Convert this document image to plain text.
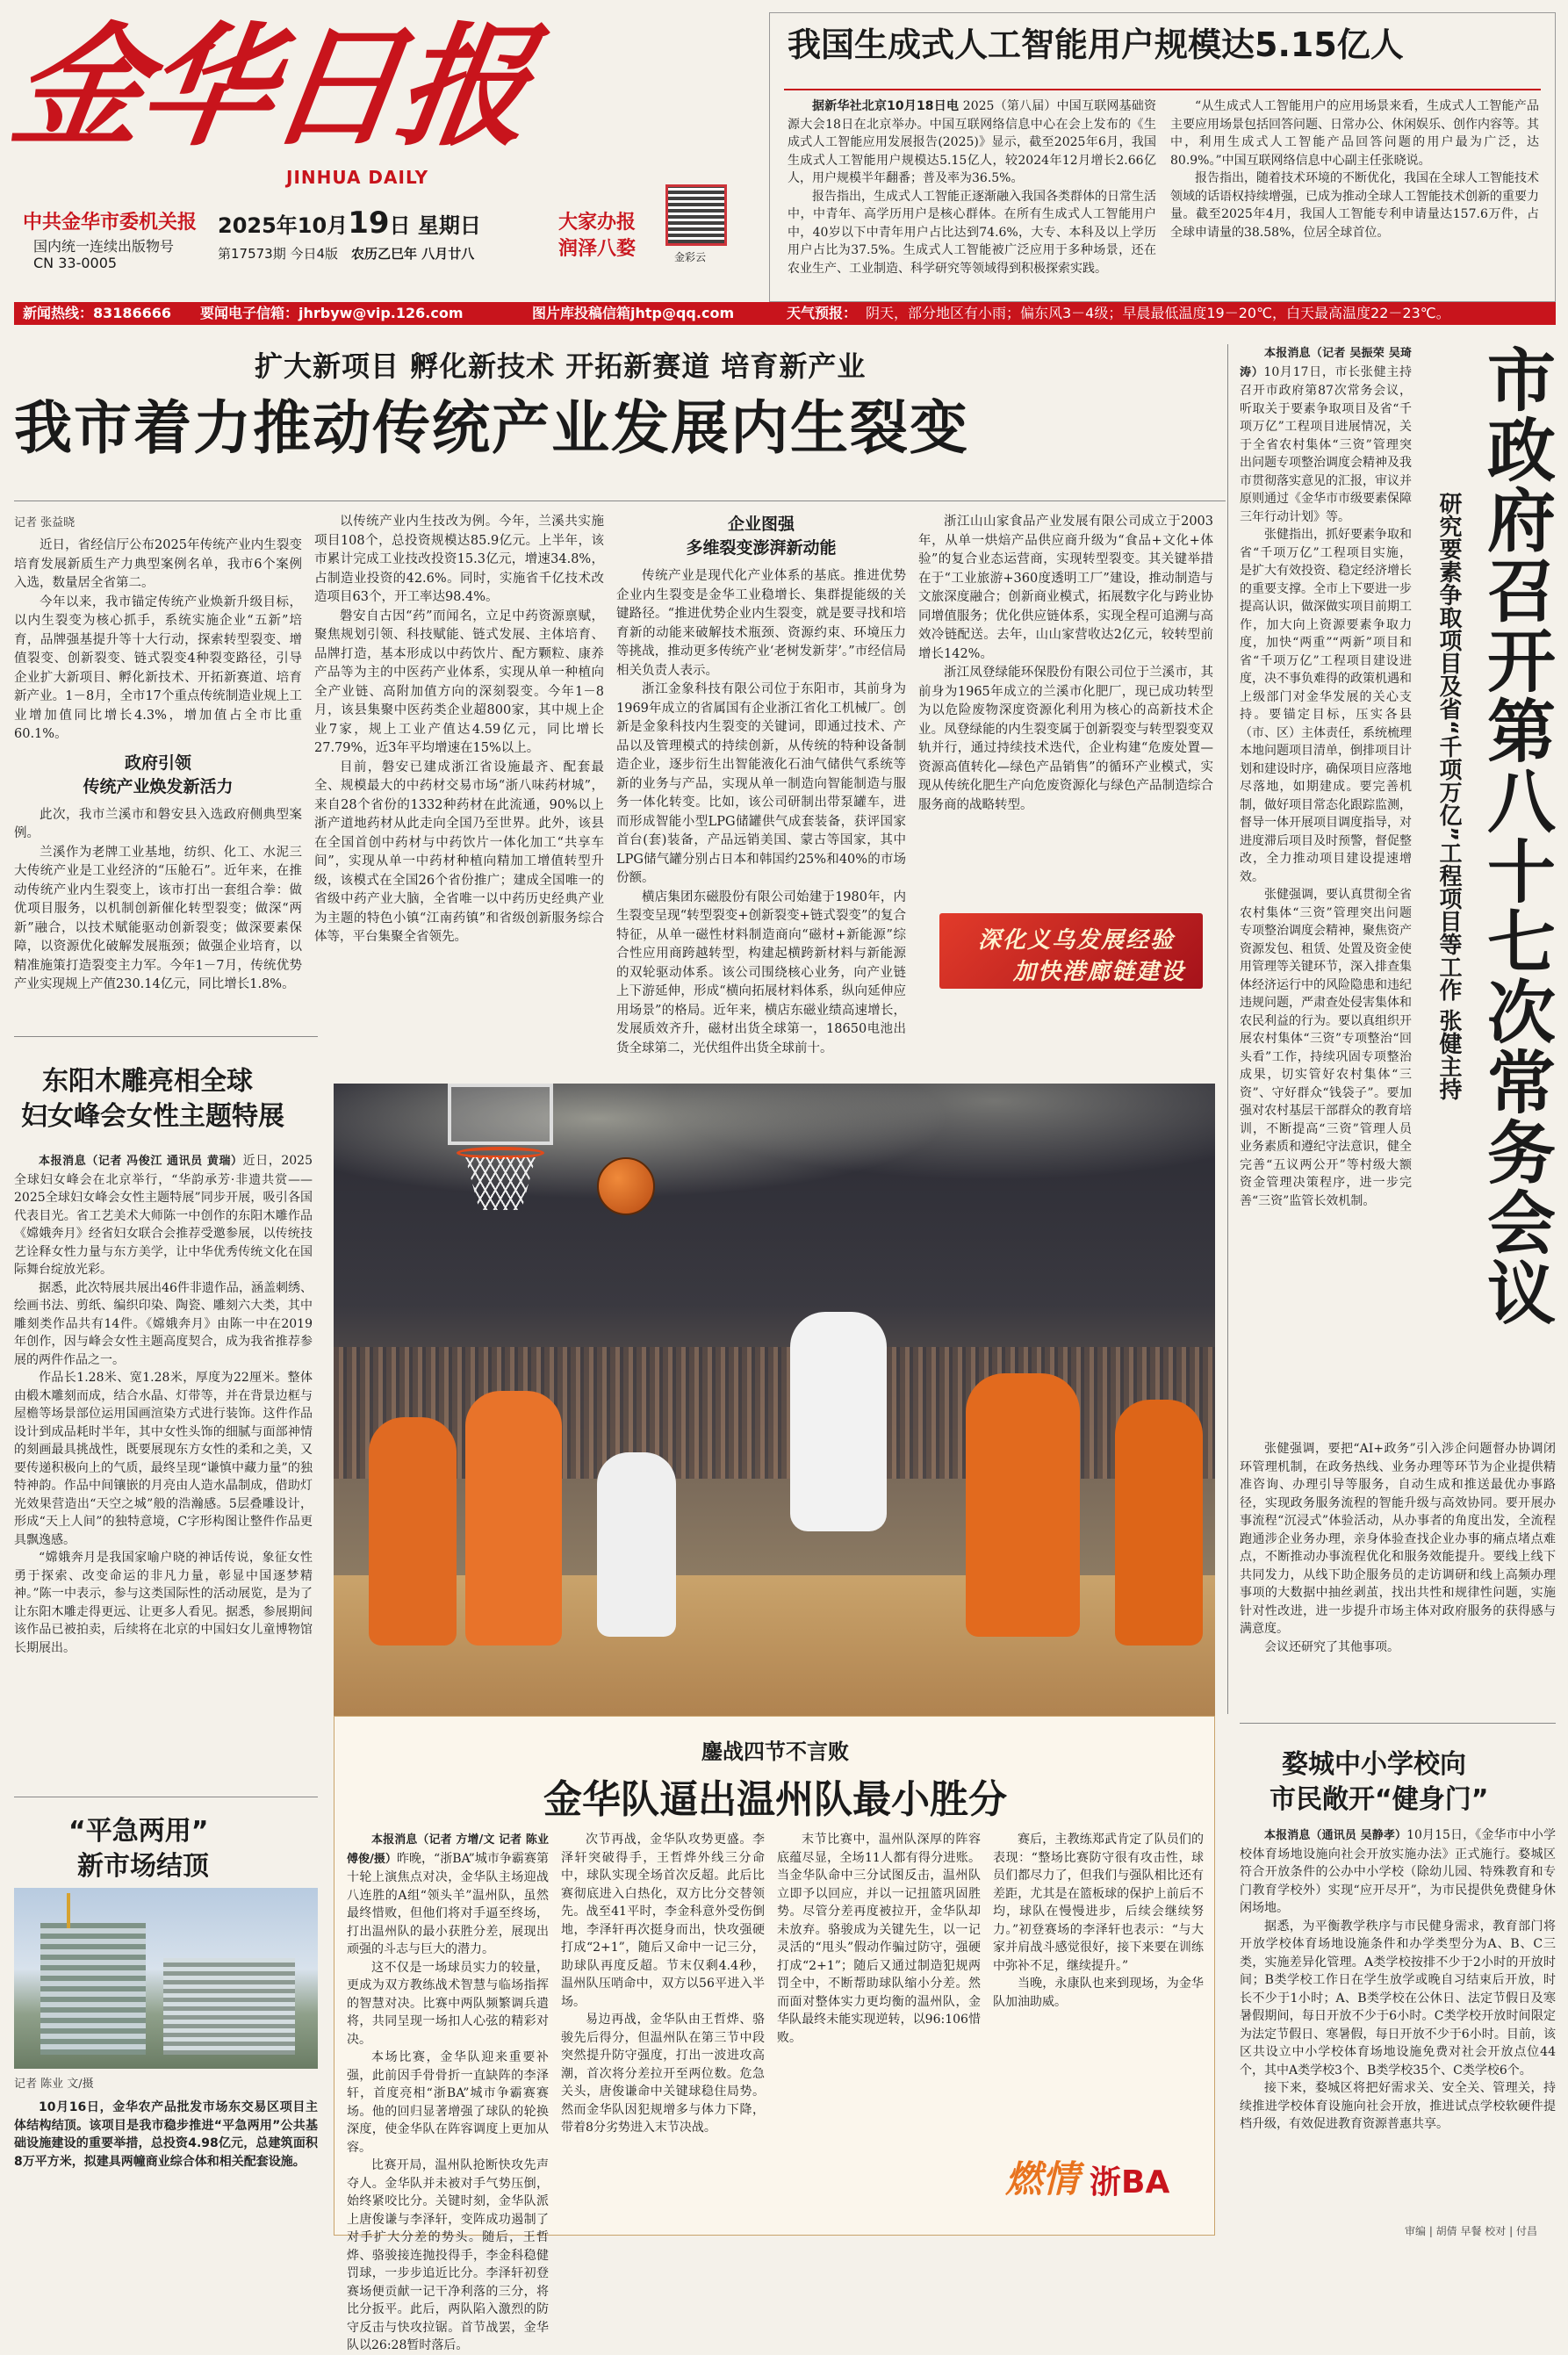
金华日报
JINHUA DAILY
中共金华市委机关报
国内统一连续出版物号
CN 33-0005
2025年10月19日 星期日
第17573期 今日4版 农历乙巳年 八月廿八
大家办报
润泽八婺	金彩云
我国生成式人工智能用户规模达5.15亿人

据新华社北京10月18日电 2025（第八届）中国互联网基础资源大会18日在北京举办。中国互联网络信息中心在会上发布的《生成式人工智能应用发展报告(2025)》显示，截至2025年6月，我国生成式人工智能用户规模达5.15亿人，较2024年12月增长2.66亿人，用户规模半年翻番；普及率为36.5%。

报告指出，生成式人工智能正逐渐融入我国各类群体的日常生活中，中青年、高学历用户是核心群体。在所有生成式人工智能用户中，40岁以下中青年用户占比达到74.6%，大专、本科及以上学历用户占比为37.5%。生成式人工智能被广泛应用于多种场景，还在农业生产、工业制造、科学研究等领域得到积极探索实践。

“从生成式人工智能用户的应用场景来看，生成式人工智能产品主要应用场景包括回答问题、日常办公、休闲娱乐、创作内容等。其中，利用生成式人工智能产品回答问题的用户最为广泛，达80.9%。”中国互联网络信息中心副主任张晓说。

报告指出，随着技术环境的不断优化，我国在全球人工智能技术领域的话语权持续增强，已成为推动全球人工智能技术创新的重要力量。截至2025年4月，我国人工智能专利申请量达157.6万件，占全球申请量的38.58%，位居全球首位。

新闻热线：83186666 要闻电子信箱：jhrbyw@vip.126.com	图片库投稿信箱jhtp@qq.com	天气预报： 阴天，部分地区有小雨；偏东风3－4级；早晨最低温度19－20℃，白天最高温度22－23℃。
扩大新项目 孵化新技术 开拓新赛道 培育新产业
我市着力推动传统产业发展内生裂变

记者 张益晓

近日，省经信厅公布2025年传统产业内生裂变培育发展新质生产力典型案例名单，我市6个案例入选，数量居全省第二。

今年以来，我市锚定传统产业焕新升级目标，以内生裂变为核心抓手，系统实施企业“五新”培育，品牌强基提升等十大行动，探索转型裂变、增值裂变、创新裂变、链式裂变4种裂变路径，引导企业扩大新项目、孵化新技术、开拓新赛道、培育新产业。1－8月，全市17个重点传统制造业规上工业增加值同比增长4.3%，增加值占全市比重60.1%。

政府引领

传统产业焕发新活力

此次，我市兰溪市和磐安县入选政府侧典型案例。

兰溪作为老牌工业基地，纺织、化工、水泥三大传统产业是工业经济的“压舱石”。近年来，在推动传统产业内生裂变上，该市打出一套组合拳：做优项目服务，以机制创新催化转型裂变；做深“两新”融合，以技术赋能驱动创新裂变；做深要素保障，以资源优化破解发展瓶颈；做强企业培育，以精准施策打造裂变主力军。今年1－7月，传统优势产业实现规上产值230.14亿元，同比增长1.8%。

以传统产业内生技改为例。今年，兰溪共实施项目108个，总投资规模达85.9亿元。上半年，该市累计完成工业技改投资15.3亿元，增速34.8%，占制造业投资的42.6%。同时，实施省千亿技术改造项目63个，开工率达98.4%。

磐安自古因“药”而闻名，立足中药资源禀赋，聚焦规划引领、科技赋能、链式发展、主体培育、品牌打造，基本形成以中药饮片、配方颗粒、康养产品等为主的中医药产业体系，实现从单一种植向全产业链、高附加值方向的深刻裂变。今年1－8月，该县集聚中医药类企业超800家，其中规上企业7家，规上工业产值达4.59亿元，同比增长27.79%，近3年平均增速在15%以上。

目前，磐安已建成浙江省设施最齐、配套最全、规模最大的中药材交易市场“浙八味药材城”，来自28个省份的1332种药材在此流通，90%以上浙产道地药材从此走向全国乃至世界。此外，该县在全国首创中药材与中药饮片一体化加工“共享车间”，实现从单一中药材种植向精加工增值转型升级，该模式在全国26个省份推广；建成全国唯一的省级中药产业大脑，全省唯一以中药历史经典产业为主题的特色小镇“江南药镇”和省级创新服务综合体等，平台集聚全省领先。

企业图强

多维裂变澎湃新动能

传统产业是现代化产业体系的基底。推进优势企业内生裂变是金华工业稳增长、集群提能级的关键路径。“推进优势企业内生裂变，就是要寻找和培育新的动能来破解技术瓶颈、资源约束、环境压力等挑战，推动更多传统产业‘老树发新芽’。”市经信局相关负责人表示。

浙江金象科技有限公司位于东阳市，其前身为1969年成立的省属国有企业浙江省化工机械厂。创新是金象科技内生裂变的关键词，即通过技术、产品以及管理模式的持续创新，从传统的特种设备制造企业，逐步衍生出智能液化石油气储供气系统等新的业务与产品，实现从单一制造向智能制造与服务一体化转变。比如，该公司研制出带泵罐车，进而形成智能小型LPG储罐供气成套装备，获评国家首台(套)装备，产品远销美国、蒙古等国家，其中LPG储气罐分别占日本和韩国约25%和40%的市场份额。

横店集团东磁股份有限公司始建于1980年，内生裂变呈现“转型裂变+创新裂变+链式裂变”的复合特征，从单一磁性材料制造商向“磁材+新能源”综合性应用商跨越转型，构建起横跨新材料与新能源的双轮驱动体系。该公司围绕核心业务，向产业链上下游延伸，形成“横向拓展材料体系，纵向延伸应用场景”的格局。近年来，横店东磁业绩高速增长，发展质效齐升，磁材出货全球第一，18650电池出货全球第二，光伏组件出货全球前十。

浙江山山家食品产业发展有限公司成立于2003年，从单一烘焙产品供应商升级为“食品+文化+体验”的复合业态运营商，实现转型裂变。其关键举措在于“工业旅游+360度透明工厂”建设，推动制造与文旅深度融合；创新商业模式，拓展数字化与跨业协同增值服务；优化供应链体系，实现全程可追溯与高效冷链配送。去年，山山家营收达2亿元，较转型前增长142%。

浙江凤登绿能环保股份有限公司位于兰溪市，其前身为1965年成立的兰溪市化肥厂，现已成功转型为以危险废物深度资源化利用为核心的高新技术企业。凤登绿能的内生裂变属于创新裂变与转型裂变双轨并行，通过持续技术迭代，企业构建“危废处置—资源高值转化—绿色产品销售”的循环产业模式，实现从传统化肥生产向危废资源化与绿色产品制造综合服务商的战略转型。

深化义乌发展经验
加快港廊链建设

本报消息（记者 吴振荣 吴琦涛）10月17日，市长张健主持召开市政府第87次常务会议，听取关于要素争取项目及省“千项万亿”工程项目进展情况，关于全省农村集体“三资”管理突出问题专项整治调度会精神及我市贯彻落实意见的汇报，审议并原则通过《金华市市级要素保障三年行动计划》等。

张健指出，抓好要素争取和省“千项万亿”工程项目实施，是扩大有效投资、稳定经济增长的重要支撑。全市上下要进一步提高认识，做深做实项目前期工作，加大向上资源要素争取力度，加快“两重”“两新”项目和省“千项万亿”工程项目建设进度，决不事负难得的政策机遇和上级部门对金华发展的关心支持。要锚定目标，压实各县（市、区）主体责任，系统梳理本地问题项目清单，倒排项目计划和建设时序，确保项目应落地尽落地，如期建成。要完善机制，做好项目常态化跟踪监测，督导一体开展项目调度指导，对进度滞后项目及时预警，督促整改，全力推动项目建设提速增效。

张健强调，要认真贯彻全省农村集体“三资”管理突出问题专项整治调度会精神，聚焦资产资源发包、租赁、处置及资金使用管理等关键环节，深入排查集体经济运行中的风险隐患和违纪违规问题，严肃查处侵害集体和农民利益的行为。要以真组织开展农村集体“三资”专项整治“回头看”工作，持续巩固专项整治成果，切实管好农村集体“三资”、守好群众“钱袋子”。要加强对农村基层干部群众的教育培训，不断提高“三资”管理人员业务素质和遵纪守法意识，健全完善“五议两公开”等村级大额资金管理决策程序，进一步完善“三资”监管长效机制。	市政府召开第八十七次常务会议
研究要素争取项目及省“千项万亿”工程项目等工作 张健主持

张健强调，要把“AI+政务”引入涉企问题督办协调闭环管理机制，在政务热线、业务办理等环节为企业提供精准咨询、办理引导等服务，自动生成和推送最优办事路径，实现政务服务流程的智能升级与高效协同。要开展办事流程“沉浸式”体验活动，从办事者的角度出发，全流程跑通涉企业务办理，亲身体验查找企业办事的痛点堵点难点，不断推动办事流程优化和服务效能提升。要线上线下共同发力，从线下助企服务员的走访调研和线上高频办理事项的大数据中抽丝剥茧，找出共性和规律性问题，实施针对性改进，进一步提升市场主体对政府服务的获得感与满意度。

会议还研究了其他事项。

东阳木雕亮相全球
妇女峰会女性主题特展

本报消息（记者 冯俊江 通讯员 黄瑞）近日，2025全球妇女峰会在北京举行，“华韵承芳·非遗共赏——2025全球妇女峰会女性主题特展”同步开展，吸引各国代表目光。省工艺美术大师陈一中创作的东阳木雕作品《嫦娥奔月》经省妇女联合会推荐受邀参展，以传统技艺诠释女性力量与东方美学，让中华优秀传统文化在国际舞台绽放光彩。

据悉，此次特展共展出46件非遗作品，涵盖刺绣、绘画书法、剪纸、编织印染、陶瓷、雕刻六大类，其中雕刻类作品共有14件。《嫦娥奔月》由陈一中在2019年创作，因与峰会女性主题高度契合，成为我省推荐参展的两件作品之一。

作品长1.28米、宽1.28米，厚度为22厘米。整体由椴木雕刻而成，结合水晶、灯带等，并在背景边框与屋檐等场景部位运用国画渲染方式进行装饰。这件作品设计到成品耗时半年，其中女性头饰的细腻与面部神情的刻画最具挑战性，既要展现东方女性的柔和之美，又要传递积极向上的气质，最终呈现“谦慎中藏力量”的独特神韵。作品中间镶嵌的月亮由人造水晶制成，借助灯光效果营造出“天空之城”般的浩瀚感。5层叠雕设计，形成“天上人间”的独特意境，C字形构图让整件作品更具飘逸感。

“嫦娥奔月是我国家喻户晓的神话传说，象征女性勇于探索、改变命运的非凡力量，彰显中国逐梦精神。”陈一中表示，参与这类国际性的活动展览，是为了让东阳木雕走得更远、让更多人看见。据悉，参展期间该作品已被拍卖，后续将在北京的中国妇女儿童博物馆长期展出。

鏖战四节不言败
金华队逼出温州队最小胜分

本报消息（记者 方增/文 记者 陈业 傅俊/摄）昨晚，“浙BA”城市争霸赛第十轮上演焦点对决，金华队主场迎战八连胜的A组“领头羊”温州队，虽然最终惜败，但他们将对手逼至终场，打出温州队的最小获胜分差，展现出顽强的斗志与巨大的潜力。

这不仅是一场球员实力的较量，更成为双方教练战术智慧与临场指挥的智慧对决。比赛中两队频繁调兵遣将，共同呈现一场扣人心弦的精彩对决。

本场比赛，金华队迎来重要补强，此前因手骨骨折一直缺阵的李泽轩，首度亮相“浙BA”城市争霸赛赛场。他的回归显著增强了球队的轮换深度，使金华队在阵容调度上更加从容。

比赛开局，温州队抢断快攻先声夺人。金华队并未被对手气势压倒，始终紧咬比分。关键时刻，金华队派上唐俊谦与李泽轩，变阵成功遏制了对手扩大分差的势头。随后，王哲烨、骆骏接连抛投得手，李金科稳健罚球，一步步追近比分。李泽轩初登赛场便贡献一记干净利落的三分，将比分扳平。此后，两队陷入激烈的防守反击与快攻拉锯。首节战罢，金华队以26:28暂时落后。

次节再战，金华队攻势更盛。李泽轩突破得手，王哲烨外线三分命中，球队实现全场首次反超。此后比赛彻底进入白热化，双方比分交替领先。战至41平时，李金科意外受伤倒地，李泽轩再次挺身而出，快攻强硬打成“2+1”，随后又命中一记三分，助球队再度反超。节末仅剩4.4秒，温州队压哨命中，双方以56平进入半场。

易边再战，金华队由王哲烨、骆骏先后得分，但温州队在第三节中段突然提升防守强度，打出一波进攻高潮，首次将分差拉开至两位数。危急关头，唐俊谦命中关键球稳住局势。然而金华队因犯规增多与体力下降，带着8分劣势进入末节决战。

末节比赛中，温州队深厚的阵容底蕴尽显，全场11人都有得分进账。当金华队命中三分试图反击，温州队立即予以回应，并以一记扭篮巩固胜势。尽管分差再度被拉开，金华队却未放弃。骆骏成为关键先生，以一记灵活的“甩头”假动作骗过防守，强硬打成“2+1”；随后又通过制造犯规两罚全中，不断帮助球队缩小分差。然而面对整体实力更均衡的温州队，金华队最终未能实现逆转，以96:106惜败。

赛后，主教练郑武肯定了队员们的表现：“整场比赛防守很有攻击性，球员们都尽力了，但我们与强队相比还有差距，尤其是在篮板球的保护上前后不均，球队在慢慢进步，后续会继续努力。”初登赛场的李泽轩也表示：“与大家并肩战斗感觉很好，接下来要在训练中弥补不足，继续提升。”

当晚，永康队也来到现场，为金华队加油助威。

燃情 浙BA
“平急两用”
新市场结顶
记者 陈业 文/摄

10月16日，金华农产品批发市场东交易区项目主体结构结顶。该项目是我市稳步推进“平急两用”公共基础设施建设的重要举措，总投资4.98亿元，总建筑面积8万平方米，拟建具两幢商业综合体和相关配套设施。

婺城中小学校向
市民敞开“健身门”

本报消息（通讯员 吴静孝）10月15日，《金华市中小学校体育场地设施向社会开放实施办法》正式施行。婺城区符合开放条件的公办中小学校（除幼儿园、特殊教育和专门教育学校外）实现“应开尽开”，为市民提供免费健身休闲场地。

据悉，为平衡教学秩序与市民健身需求，教育部门将开放学校体育场地设施条件和办学类型分为A、B、C三类，实施差异化管理。A类学校按排不少于2小时的开放时间；B类学校工作日在学生放学或晚自习结束后开放，时长不少于1小时；A、B类学校在公休日、法定节假日及寒暑假期间，每日开放不少于6小时。C类学校开放时间限定为法定节假日、寒暑假，每日开放不少于6小时。目前，该区共设立中小学校体育场地设施免费对社会开放点位44个，其中A类学校3个、B类学校35个、C类学校6个。

接下来，婺城区将把好需求关、安全关、管理关，持续推进学校体育设施向社会开放，推进试点学校软硬件提档升级，有效促进教育资源普惠共享。

审编 | 胡倩 早餐 校对 | 付昌
